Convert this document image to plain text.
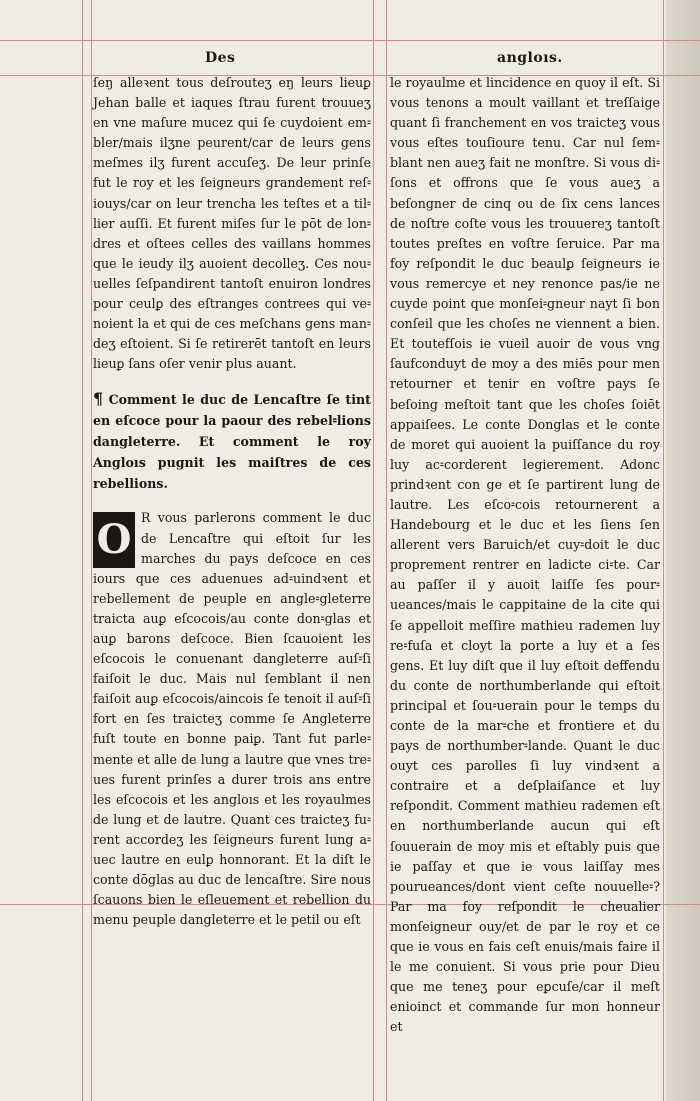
Des	angloıs.

ſeŋ alleꝛent tous deſrouteʒ eŋ leurs lieuꝑ Jehan balle et iaques ſtrau furent trouueʒ en vne maſure mucez qui ſe cuydoient em⹀bler/mais ilʒne peurent/car de leurs gens meſmes ilʒ furent accuſeʒ. De leur prinſe fut le roy et les ſeigneurs grandement reſ⹀iouys/car on leur trencha les teſtes et a til⹀lier auſſi. Et furent miſes ſur le pōt de lon⹀dres et oſtees celles des vaillans hommes que le ieudy ilʒ auoient decolleʒ. Ces nou⹀uelles ſeſpandirent tantoſt enuiron londres pour ceulꝑ des eſtranges contrees qui ve⹀noient la et qui de ces meſchans gens man⹀deʒ eſtoient. Si ſe retirerēt tantoſt en leurs lieuꝑ ſans oſer venir plus auant.

¶ Comment le duc de Lencaſtre ſe tint en eſcoce pour la paour des rebel⹀lions dangleterre. Et comment le roy Angloıs pugnit les maiſtres de ces rebellions.

O R vous parlerons comment le duc de Lencaſtre qui eſtoit ſur les marches du pays deſcoce en ces iours que ces aduenues ad⹀uindꝛent et rebellement de peuple en angle⹀gleterre traicta auꝑ eſcocois/au conte don⹀glas et auꝑ barons deſcoce. Bien ſcauoient les eſcocois le conuenant dangleterre auſ⹀ſi faiſoit le duc. Mais nul ſemblant il nen faiſoit auꝑ eſcocois/aincois ſe tenoit il auſ⹀ſi fort en ſes traicteʒ comme ſe Angleterre fuſt toute en bonne paiꝑ. Tant fut parle⹀mente et alle de lung a lautre que vnes tre⹀ues furent prinſes a durer trois ans entre les eſcocois et les angloıs et les royaulmes de lung et de lautre. Quant ces traicteʒ fu⹀rent accordeʒ les ſeigneurs furent lung a⹀uec lautre en eulꝑ honnorant. Et la diſt le conte dōglas au duc de lencaſtre. Sire nous ſcauons bien le eſleuement et rebellion du menu peuple dangleterre et le petil ou eſt

le royaulme et lincidence en quoy il eſt. Si vous tenons a moult vaillant et treſſaige quant ſi franchement en vos traicteʒ vous vous eſtes touſioure tenu. Car nul ſem⹀blant nen aueʒ fait ne monſtre. Si vous di⹀ſons et offrons que ſe vous aueʒ a beſongner de cinq ou de ſix cens lances de noſtre coſte vous les trouuereʒ tantoſt toutes preſtes en voſtre ſeruice. Par ma foy reſpondit le duc beaulꝑ ſeigneurs ie vous remercye et ney renonce pas/ie ne cuyde point que monſei⹀gneur nayt ſi bon conſeil que les choſes ne viennent a bien. Et toutefſois ie vueil auoir de vous vng ſaufconduyt de moy a des miēs pour men retourner et tenir en voſtre pays ſe beſoing meſtoit tant que les choſes ſoiēt appaiſees. Le conte Donglas et le conte de moret qui auoient la puiſſance du roy luy ac⹀corderent legierement. Adonc prindꝛent con ge et ſe partirent lung de lautre. Les eſco⹀cois retournerent a Handebourg et le duc et les ſiens ſen allerent vers Baruich/et cuy⹀doit le duc proprement rentrer en ladicte ci⹀te. Car au paſſer il y auoit laiſſe ſes pour⹀ueances/mais le cappitaine de la cite qui ſe appelloit meſſire mathieu rademen luy re⹀fuſa et cloyt la porte a luy et a ſes gens. Et luy diſt que il luy eſtoit deffendu du conte de northumberlande qui eſtoit principal et ſou⹀uerain pour le temps du conte de la mar⹀che et frontiere et du pays de northumber⹀lande. Quant le duc ouyt ces parolles ſi luy vindꝛent a contraire et a deſplaiſance et luy reſpondit. Comment mathieu rademen eſt en northumberlande aucun qui eſt ſouuerain de moy mis et eſtably puis que ie paſſay et que ie vous laiſſay mes pourueances/dont vient ceſte nouuelle⹀? Par ma foy reſpondit le cheualier monſeigneur ouy/et de par le roy et ce que ie vous en fais ceſt enuis/mais faire il le me conuient. Si vous prie pour Dieu que me teneʒ pour eꝑcuſe/car il meſt enioinct et commande ſur mon honneur et
